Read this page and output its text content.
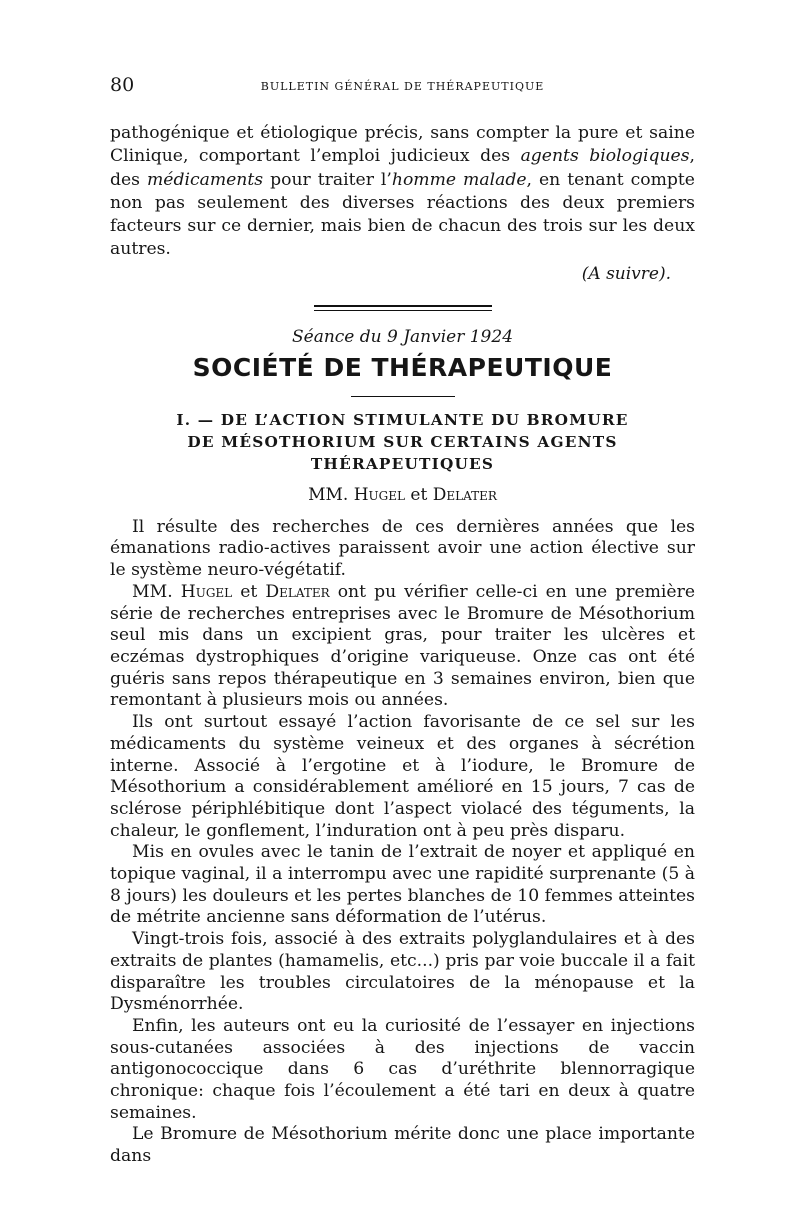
80	BULLETIN GÉNÉRAL DE THÉRAPEUTIQUE

pathogénique et étiologique précis, sans compter la pure et saine Clinique, comportant l’emploi judicieux des agents biologiques, des médicaments pour traiter l’homme malade, en tenant compte non pas seulement des diverses réactions des deux premiers facteurs sur ce dernier, mais bien de chacun des trois sur les deux autres.

(A suivre).
Séance du 9 Janvier 1924
SOCIÉTÉ DE THÉRAPEUTIQUE
I. — DE L’ACTION STIMULANTE DU BROMURE
DE MÉSOTHORIUM SUR CERTAINS AGENTS
THÉRAPEUTIQUES
MM. Hugel et Delater

Il résulte des recherches de ces dernières années que les émanations radio-actives paraissent avoir une action élective sur le système neuro-végétatif.

MM. Hugel et Delater ont pu vérifier celle-ci en une première série de recherches entreprises avec le Bromure de Mésothorium seul mis dans un excipient gras, pour traiter les ulcères et eczémas dystrophiques d’origine variqueuse. Onze cas ont été guéris sans repos thérapeutique en 3 semaines environ, bien que remontant à plusieurs mois ou années.

Ils ont surtout essayé l’action favorisante de ce sel sur les médicaments du système veineux et des organes à sécrétion interne. Associé à l’ergotine et à l’iodure, le Bromure de Mésothorium a considérablement amélioré en 15 jours, 7 cas de sclérose périphlébitique dont l’aspect violacé des téguments, la chaleur, le gonflement, l’induration ont à peu près disparu.

Mis en ovules avec le tanin de l’extrait de noyer et appliqué en topique vaginal, il a interrompu avec une rapidité surprenante (5 à 8 jours) les douleurs et les pertes blanches de 10 femmes atteintes de métrite ancienne sans déformation de l’utérus.

Vingt-trois fois, associé à des extraits polyglandulaires et à des extraits de plantes (hamamelis, etc...) pris par voie buccale il a fait disparaître les troubles circulatoires de la ménopause et la Dysménorrhée.

Enfin, les auteurs ont eu la curiosité de l’essayer en injections sous-cutanées associées à des injections de vaccin antigonococcique dans 6 cas d’uréthrite blennorragique chronique: chaque fois l’écoulement a été tari en deux à quatre semaines.

Le Bromure de Mésothorium mérite donc une place importante dans
